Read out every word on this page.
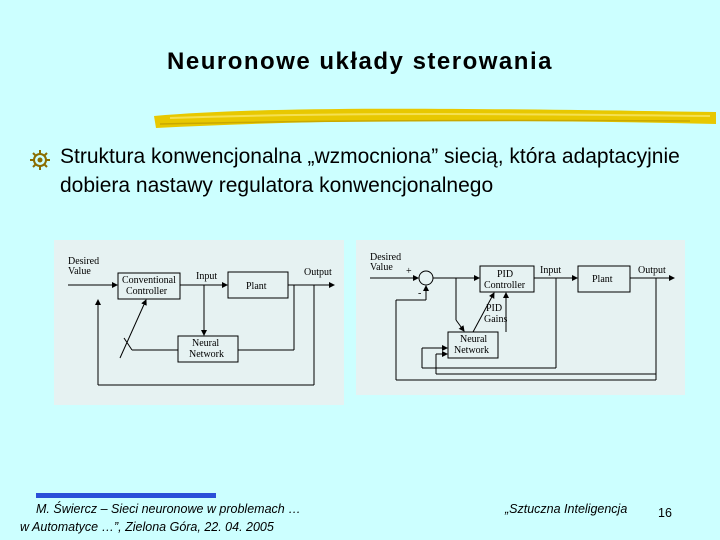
Neuronowe układy sterowania
Struktura konwencjonalna „wzmocniona” siecią, która adaptacyjnie dobiera nastawy regulatora konwencjonalnego
Desired
Value
Conventional
Controller
Input
Plant
Output
Neural
Network
Desired
Value +
-
PID
Controller
Input
Plant
Output
PID
Gains
Neural
Network
M. Świercz – Sieci neuronowe w problemach …
w Automatyce …”, Zielona Góra, 22. 04. 2005
„Sztuczna Inteligencja 16
